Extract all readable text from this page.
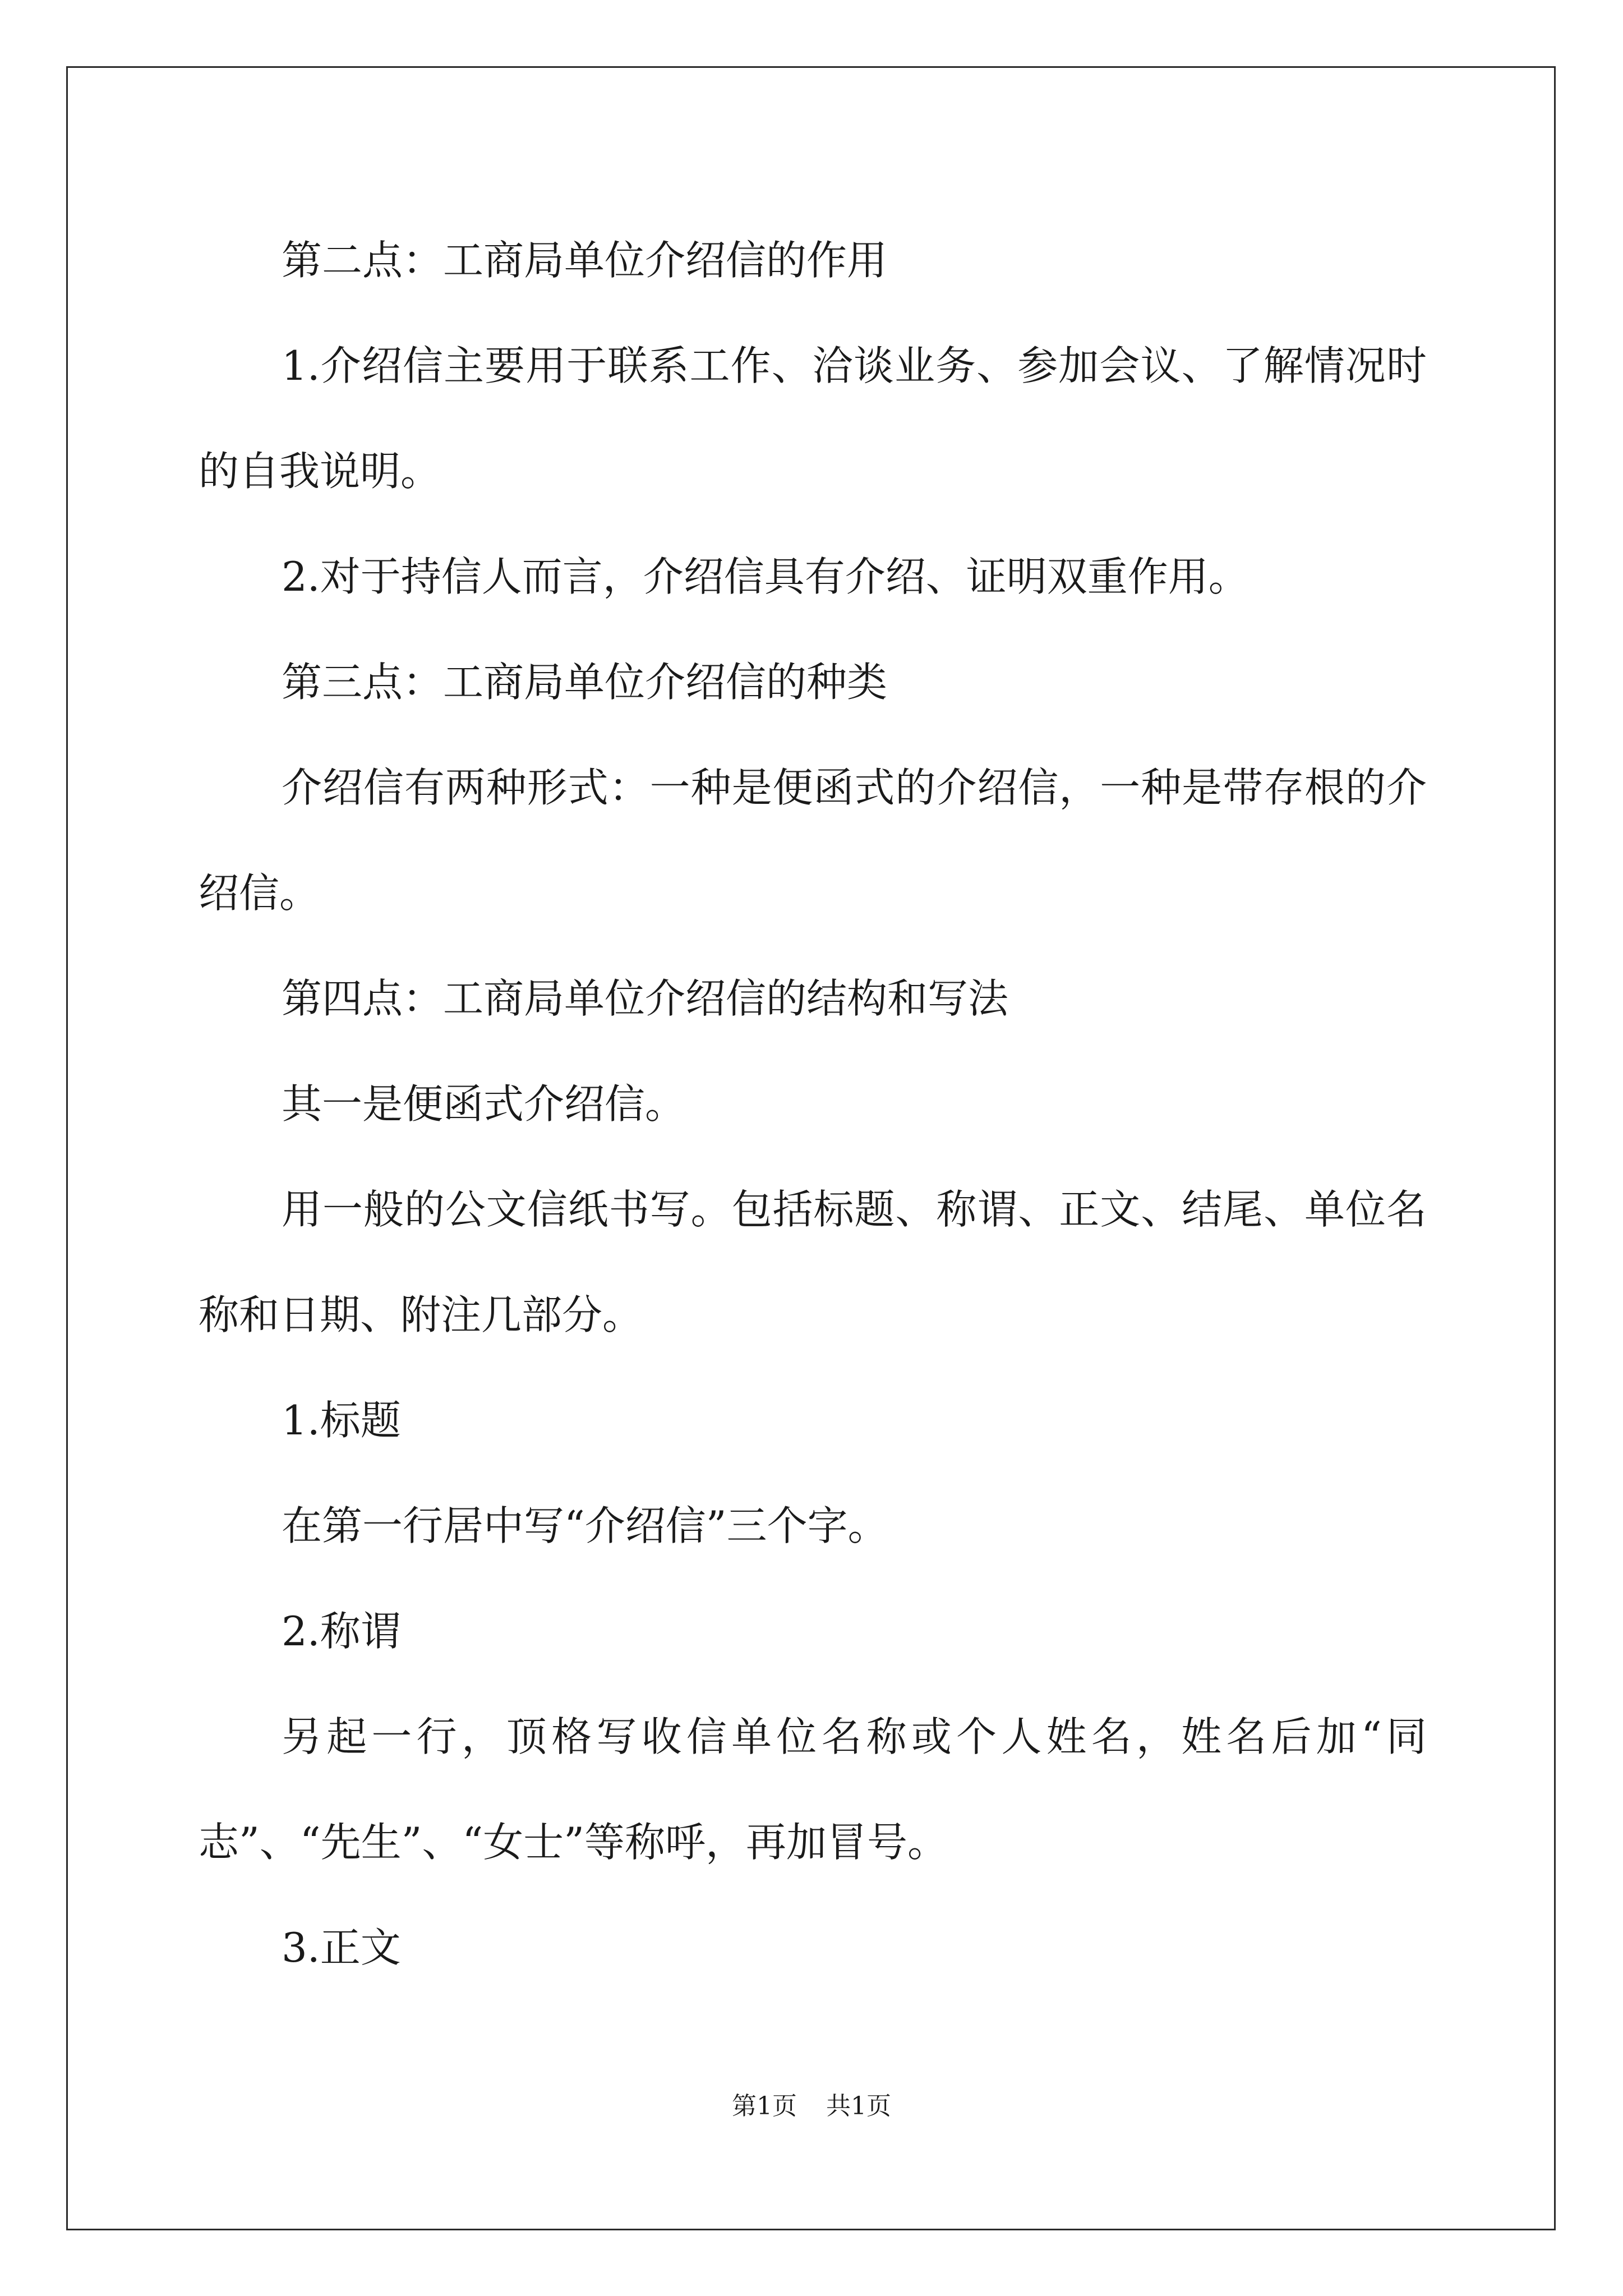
第二点：工商局单位介绍信的作用

1.介绍信主要用于联系工作、洽谈业务、参加会议、了解情况时的自我说明。

2.对于持信人而言，介绍信具有介绍、证明双重作用。

第三点：工商局单位介绍信的种类

介绍信有两种形式：一种是便函式的介绍信，一种是带存根的介绍信。

第四点：工商局单位介绍信的结构和写法

其一是便函式介绍信。

用一般的公文信纸书写。包括标题、称谓、正文、结尾、单位名称和日期、附注几部分。

1.标题

在第一行居中写“介绍信”三个字。

2.称谓

另起一行，顶格写收信单位名称或个人姓名，姓名后加“同志”、“先生”、“女士”等称呼，再加冒号。

3.正文

第1页 共1页
